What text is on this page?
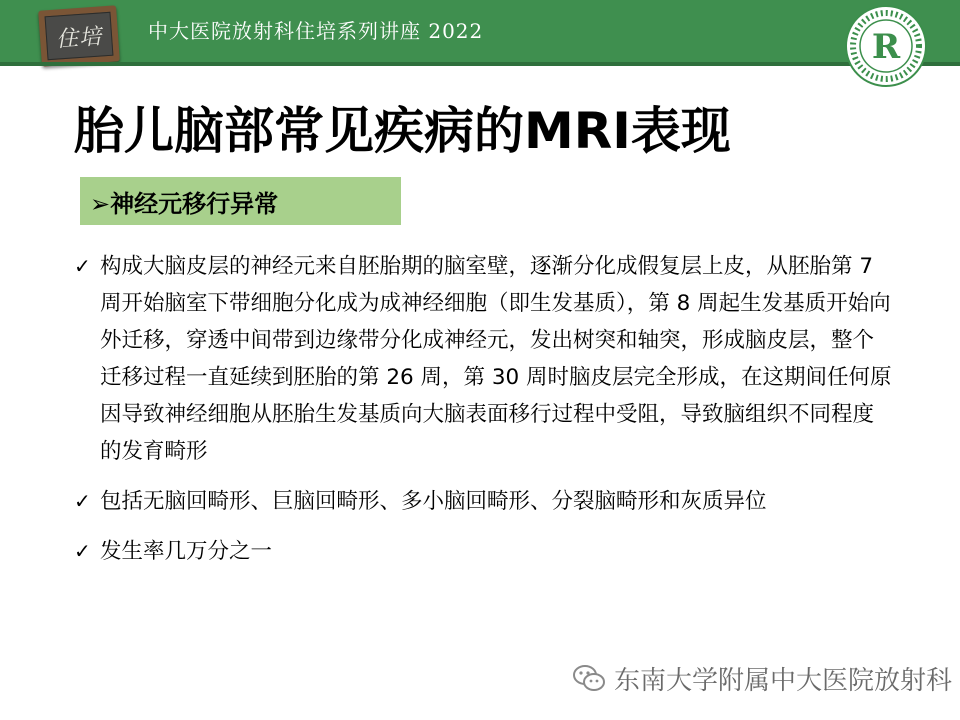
住培 中大医院放射科住培系列讲座 2022	R
胎儿脑部常见疾病的MRI表现
➢神经元移行异常
✓ 构成大脑皮层的神经元来自胚胎期的脑室壁，逐渐分化成假复层上皮，从胚胎第 7 周开始脑室下带细胞分化成为成神经细胞（即生发基质），第 8 周起生发基质开始向外迁移，穿透中间带到边缘带分化成神经元，发出树突和轴突，形成脑皮层，整个迁移过程一直延续到胚胎的第 26 周，第 30 周时脑皮层完全形成，在这期间任何原因导致神经细胞从胚胎生发基质向大脑表面移行过程中受阻，导致脑组织不同程度的发育畸形
✓ 包括无脑回畸形、巨脑回畸形、多小脑回畸形、分裂脑畸形和灰质异位
✓ 发生率几万分之一
东南大学附属中大医院放射科
